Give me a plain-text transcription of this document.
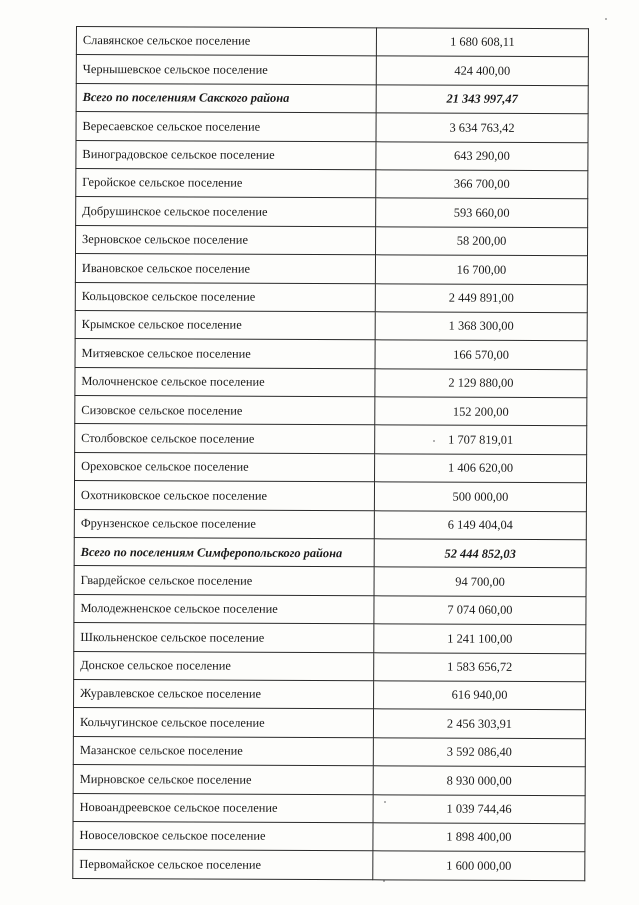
Славянское сельское поселение	1 680 608,11
Чернышевское сельское поселение	424 400,00
Всего по поселениям Сакского района	21 343 997,47
Вересаевское сельское поселение	3 634 763,42
Виноградовское сельское поселение	643 290,00
Геройское сельское поселение	366 700,00
Добрушинское сельское поселение	593 660,00
Зерновское сельское поселение	58 200,00
Ивановское сельское поселение	16 700,00
Кольцовское сельское поселение	2 449 891,00
Крымское сельское поселение	1 368 300,00
Митяевское сельское поселение	166 570,00
Молочненское сельское поселение	2 129 880,00
Сизовское сельское поселение	152 200,00
Столбовское сельское поселение	1 707 819,01
Ореховское сельское поселение	1 406 620,00
Охотниковское сельское поселение	500 000,00
Фрунзенское сельское поселение	6 149 404,04
Всего по поселениям Симферопольского района	52 444 852,03
Гвардейское сельское поселение	94 700,00
Молодежненское сельское поселение	7 074 060,00
Школьненское сельское поселение	1 241 100,00
Донское сельское поселение	1 583 656,72
Журавлевское сельское поселение	616 940,00
Кольчугинское сельское поселение	2 456 303,91
Мазанское сельское поселение	3 592 086,40
Мирновское сельское поселение	8 930 000,00
Новоандреевское сельское поселение	1 039 744,46
Новоселовское сельское поселение	1 898 400,00
Первомайское сельское поселение	1 600 000,00
